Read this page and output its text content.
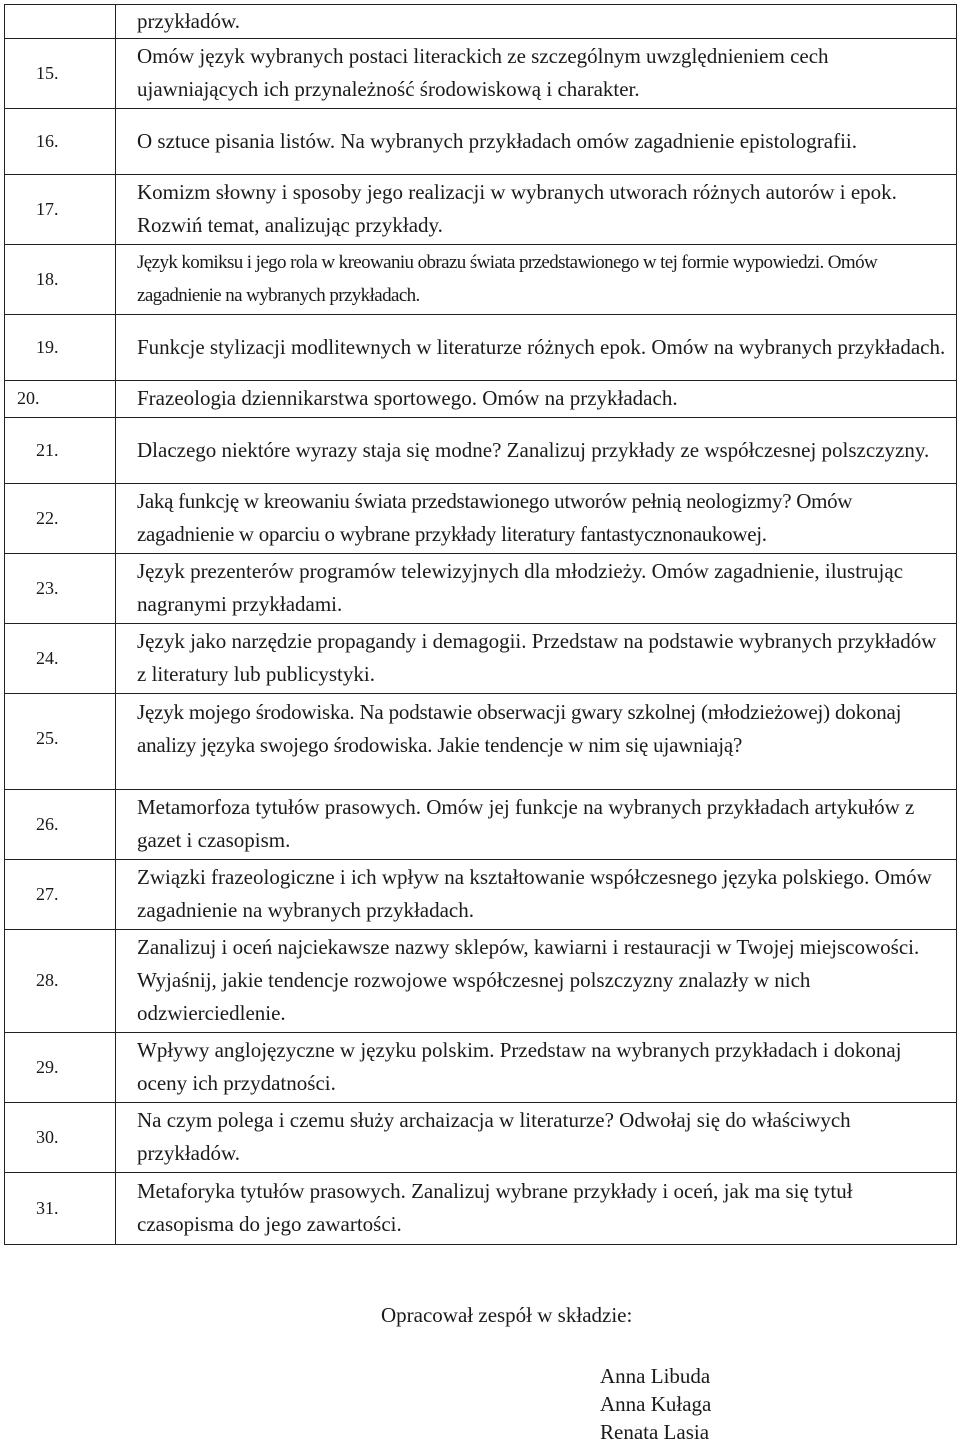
	przykładów.
15.	Omów język wybranych postaci literackich ze szczególnym uwzględnieniem cech ujawniających ich przynależność środowiskową i charakter.
16.	O sztuce pisania listów. Na wybranych przykładach omów zagadnienie epistolografii.
17.	Komizm słowny i sposoby jego realizacji w wybranych utworach różnych autorów i epok. Rozwiń temat, analizując przykłady.
18.	Język komiksu i jego rola w kreowaniu obrazu świata przedstawionego w tej formie wypowiedzi. Omów zagadnienie na wybranych przykładach.
19.	Funkcje stylizacji modlitewnych w literaturze różnych epok. Omów na wybranych przykładach.
20.	Frazeologia dziennikarstwa sportowego. Omów na przykładach.
21.	Dlaczego niektóre wyrazy staja się modne? Zanalizuj przykłady ze współczesnej polszczyzny.
22.	Jaką funkcję w kreowaniu świata przedstawionego utworów pełnią neologizmy? Omów zagadnienie w oparciu o wybrane przykłady literatury fantastycznonaukowej.
23.	Język prezenterów programów telewizyjnych dla młodzieży. Omów zagadnienie, ilustrując nagranymi przykładami.
24.	Język jako narzędzie propagandy i demagogii. Przedstaw na podstawie wybranych przykładów z literatury lub publicystyki.
25.	Język mojego środowiska. Na podstawie obserwacji gwary szkolnej (młodzieżowej) dokonaj analizy języka swojego środowiska. Jakie tendencje w nim się ujawniają?
26.	Metamorfoza tytułów prasowych. Omów jej funkcje na wybranych przykładach artykułów z gazet i czasopism.
27.	Związki frazeologiczne i ich wpływ na kształtowanie współczesnego języka polskiego. Omów zagadnienie na wybranych przykładach.
28.	Zanalizuj i oceń najciekawsze nazwy sklepów, kawiarni i restauracji w Twojej miejscowości. Wyjaśnij, jakie tendencje rozwojowe współczesnej polszczyzny znalazły w nich odzwierciedlenie.
29.	Wpływy anglojęzyczne w języku polskim. Przedstaw na wybranych przykładach i dokonaj oceny ich przydatności.
30.	Na czym polega i czemu służy archaizacja w literaturze? Odwołaj się do właściwych przykładów.
31.	Metaforyka tytułów prasowych. Zanalizuj wybrane przykłady i oceń, jak ma się tytuł czasopisma do jego zawartości.
Opracował zespół w składzie:
Anna Libuda
Anna Kułaga
Renata Lasia
